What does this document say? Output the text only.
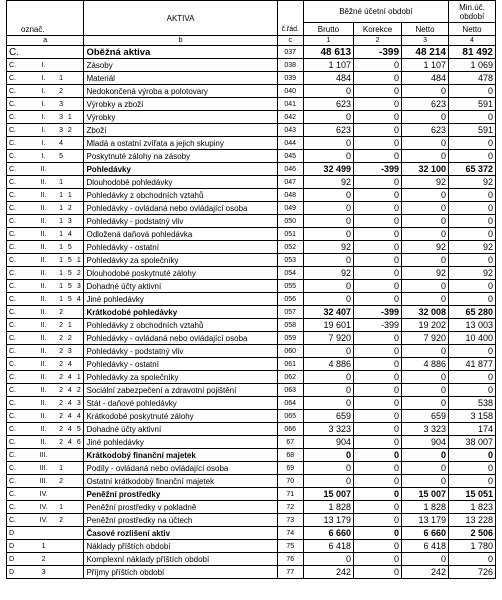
označ.					AKTIVA	č.řád.	Běžné účetní období			Min.úč. období
							Brutto	Korekce	Netto	Netto
a					b	c	1	2	3	4
C.					Oběžná aktiva	037	48 613	-399	48 214	81 492
C.	I.				Zásoby	038	1 107	0	1 107	1 069
C.	I.	1			Materiál	039	484	0	484	478
C.	I.	2			Nedokončená výroba a polotovary	040	0	0	0	0
C.	I.	3			Výrobky a zboží	041	623	0	623	591
C.	I.	3	1		Výrobky	042	0	0	0	0
C.	I.	3	2		Zboží	043	623	0	623	591
C.	I.	4			Mladá a ostatní zvířata a jejich skupiny	044	0	0	0	0
C.	I.	5			Poskytnuté zálohy na zásoby	045	0	0	0	0
C.	II.				Pohledávky	046	32 499	-399	32 100	65 372
C.	II.	1			Dlouhodobé pohledávky	047	92	0	92	92
C.	II.	1	1		Pohledávky z obchodních vztahů	048	0	0	0	0
C.	II.	1	2		Pohledávky - ovládaná nebo ovládající osoba	049	0	0	0	0
C.	II.	1	3		Pohledávky - podstatný vliv	050	0	0	0	0
C.	II.	1	4		Odložená daňová pohledávka	051	0	0	0	0
C.	II.	1	5		Pohledávky - ostatní	052	92	0	92	92
C.	II.	1	5	1	Pohledávky za společníky	053	0	0	0	0
C.	II.	1	5	2	Dlouhodobé poskytnuté zálohy	054	92	0	92	92
C.	II.	1	5	3	Dohadné účty aktivní	055	0	0	0	0
C.	II.	1	5	4	Jiné pohledávky	056	0	0	0	0
C.	II.	2			Krátkodobé pohledávky	057	32 407	-399	32 008	65 280
C.	II.	2	1		Pohledávky z obchodních vztahů	058	19 601	-399	19 202	13 003
C.	II.	2	2		Pohledávky - ovládaná nebo ovládající osoba	059	7 920	0	7 920	10 400
C.	II.	2	3		Pohledávky - podstatný vliv	060	0	0	0	0
C.	II.	2	4		Pohledávky - ostatní	061	4 886	0	4 886	41 877
C.	II.	2	4	1	Pohledávky za společníky	062	0	0	0	0
C.	II.	2	4	2	Sociální zabezpečení a zdravotní pojištění	063	0	0	0	0
C.	II.	2	4	3	Stát - daňové pohledávky	064	0	0	0	538
C.	II.	2	4	4	Krátkodobé poskytnuté zálohy	065	659	0	659	3 158
C.	II.	2	4	5	Dohadné účty aktivní	066	3 323	0	3 323	174
C.	II.	2	4	6	Jiné pohledávky	67	904	0	904	38 007
C.	III.				Krátkodobý finanční majetek	68	0	0	0	0
C.	III.	1			Podíly - ovládaná nebo ovládající osoba	69	0	0	0	0
C.	III.	2			Ostatní krátkodobý finanční majetek	70	0	0	0	0
C.	IV.				Peněžní prostředky	71	15 007	0	15 007	15 051
C.	IV.	1			Peněžní prostředky v pokladně	72	1 828	0	1 828	1 823
C.	IV.	2			Peněžní prostředky na účtech	73	13 179	0	13 179	13 228
D					Časové rozlišení aktiv	74	6 660	0	6 660	2 506
D	1				Náklady příštích období	75	6 418	0	6 418	1 780
D	2				Komplexní náklady příštích období	76	0	0	0	0
D	3				Příjmy příštích období	77	242	0	242	726
